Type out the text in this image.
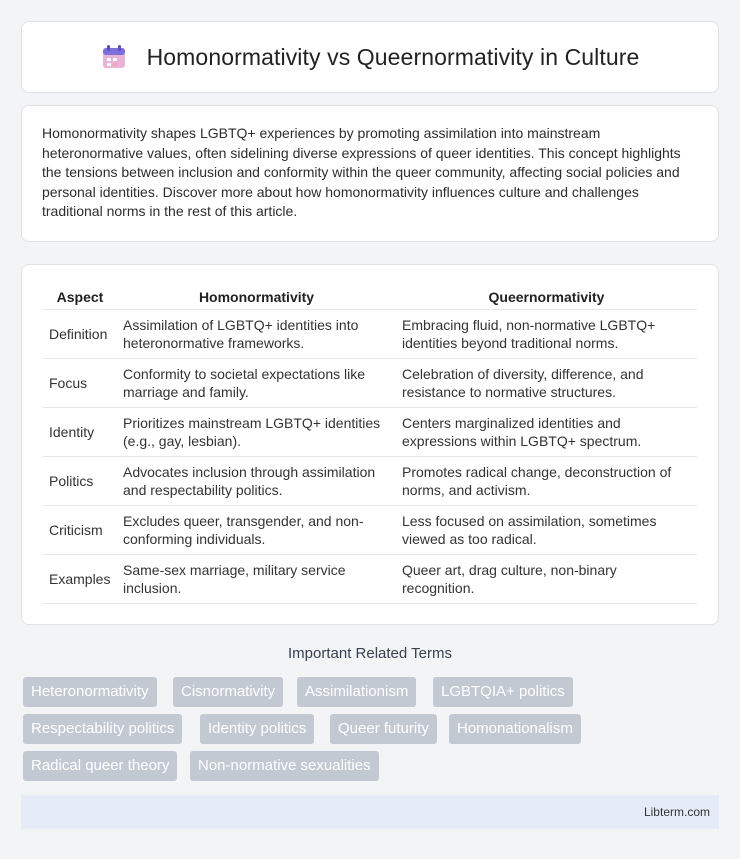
Homonormativity vs Queernormativity in Culture

Homonormativity shapes LGBTQ+ experiences by promoting assimilation into mainstream heteronormative values, often sidelining diverse expressions of queer identities. This concept highlights the tensions between inclusion and conformity within the queer community, affecting social policies and personal identities. Discover more about how homonormativity influences culture and challenges traditional norms in the rest of this article.

Aspect	Homonormativity	Queernormativity
Definition	Assimilation of LGBTQ+ identities into heteronormative frameworks.	Embracing fluid, non-normative LGBTQ+ identities beyond traditional norms.
Focus	Conformity to societal expectations like marriage and family.	Celebration of diversity, difference, and resistance to normative structures.
Identity	Prioritizes mainstream LGBTQ+ identities (e.g., gay, lesbian).	Centers marginalized identities and expressions within LGBTQ+ spectrum.
Politics	Advocates inclusion through assimilation and respectability politics.	Promotes radical change, deconstruction of norms, and activism.
Criticism	Excludes queer, transgender, and non-conforming individuals.	Less focused on assimilation, sometimes viewed as too radical.
Examples	Same-sex marriage, military service inclusion.	Queer art, drag culture, non-binary recognition.
Important Related Terms
Heteronormativity	Cisnormativity	Assimilationism	LGBTQIA+ politics
Respectability politics	Identity politics	Queer futurity	Homonationalism
Radical queer theory	Non-normative sexualities
Libterm.com
